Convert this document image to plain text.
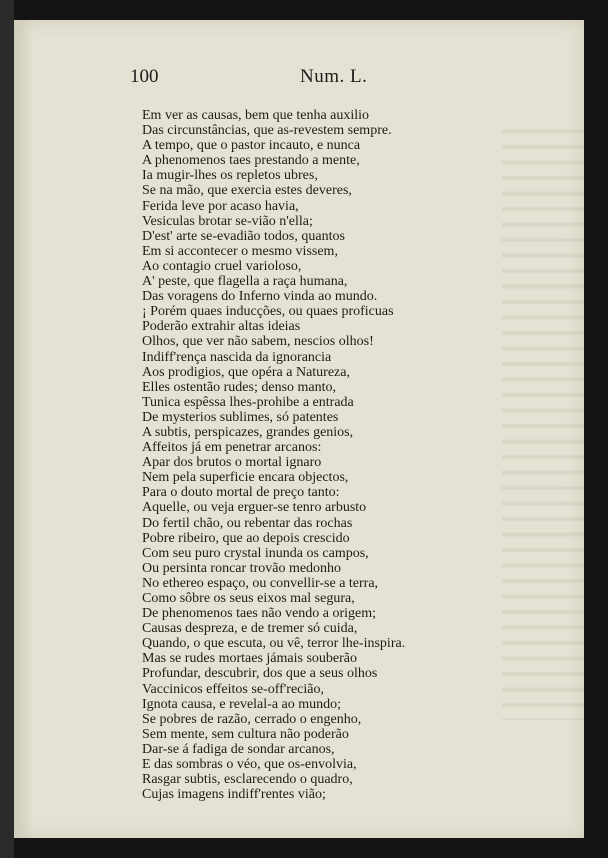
100	Num. L.
Em ver as causas, bem que tenha auxilio
Das circunstâncias, que as-revestem sempre.
A tempo, que o pastor incauto, e nunca
A phenomenos taes prestando a mente,
Ia mugir-lhes os repletos ubres,
Se na mão, que exercia estes deveres,
Ferida leve por acaso havia,
Vesiculas brotar se-vião n'ella;
D'est' arte se-evadião todos, quantos
Em si accontecer o mesmo vissem,
Ao contagio cruel varioloso,
A' peste, que flagella a raça humana,
Das voragens do Inferno vinda ao mundo.
¡ Porém quaes inducções, ou quaes proficuas
Poderão extrahir altas ideias
Olhos, que ver não sabem, nescios olhos!
Indiff'rença nascida da ignorancia
Aos prodigios, que opéra a Natureza,
Elles ostentão rudes; denso manto,
Tunica espêssa lhes-prohibe a entrada
De mysterios sublimes, só patentes
A subtis, perspicazes, grandes genios,
Affeitos já em penetrar arcanos:
Apar dos brutos o mortal ignaro
Nem pela superficie encara objectos,
Para o douto mortal de preço tanto:
Aquelle, ou veja erguer-se tenro arbusto
Do fertil chão, ou rebentar das rochas
Pobre ribeiro, que ao depois crescido
Com seu puro crystal inunda os campos,
Ou persinta roncar trovão medonho
No ethereo espaço, ou convellir-se a terra,
Como sôbre os seus eixos mal segura,
De phenomenos taes não vendo a origem;
Causas despreza, e de tremer só cuida,
Quando, o que escuta, ou vê, terror lhe-inspira.
Mas se rudes mortaes jámais souberão
Profundar, descubrir, dos que a seus olhos
Vaccinicos effeitos se-off'recião,
Ignota causa, e revelal-a ao mundo;
Se pobres de razão, cerrado o engenho,
Sem mente, sem cultura não poderão
Dar-se á fadiga de sondar arcanos,
E das sombras o véo, que os-envolvia,
Rasgar subtis, esclarecendo o quadro,
Cujas imagens indiff'rentes vião;
